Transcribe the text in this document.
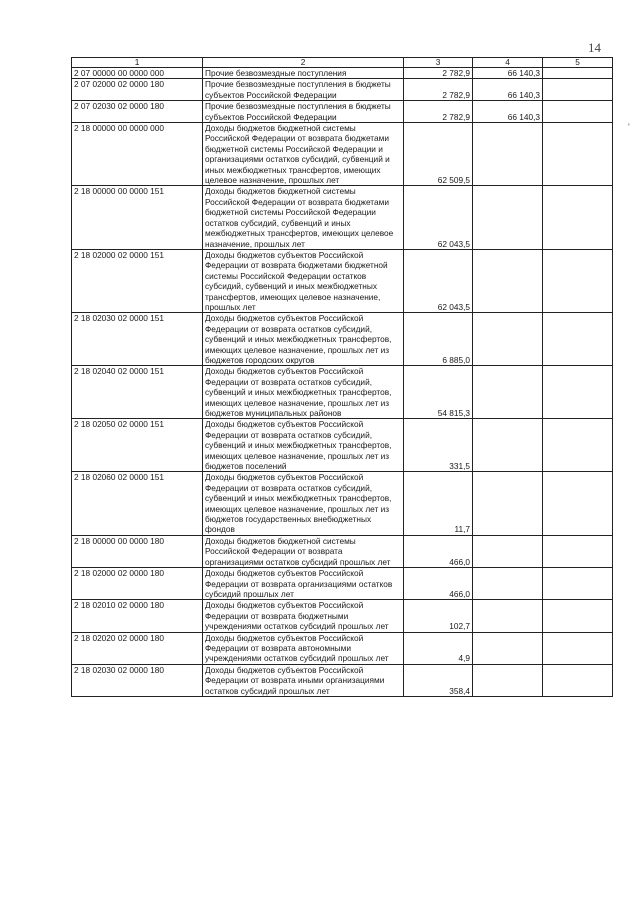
14
'
1	2	3	4	5
2 07 00000 00 0000 000	Прочие безвозмездные поступления	2 782,9	66 140,3	
2 07 02000 02 0000 180	Прочие безвозмездные поступления в бюджеты субъектов Российской Федерации	2 782,9	66 140,3	
2 07 02030 02 0000 180	Прочие безвозмездные поступления в бюджеты субъектов Российской Федерации	2 782,9	66 140,3	
2 18 00000 00 0000 000	Доходы бюджетов бюджетной системы Российской Федерации от возврата бюджетами бюджетной системы Российской Федерации и организациями остатков субсидий, субвенций и иных межбюджетных трансфертов, имеющих целевое назначение, прошлых лет	62 509,5		
2 18 00000 00 0000 151	Доходы бюджетов бюджетной системы Российской Федерации от возврата бюджетами бюджетной системы Российской Федерации остатков субсидий, субвенций и иных межбюджетных трансфертов, имеющих целевое назначение, прошлых лет	62 043,5		
2 18 02000 02 0000 151	Доходы бюджетов субъектов Российской Федерации от возврата бюджетами бюджетной системы Российской Федерации остатков субсидий, субвенций и иных межбюджетных трансфертов, имеющих целевое назначение, прошлых лет	62 043,5		
2 18 02030 02 0000 151	Доходы бюджетов субъектов Российской Федерации от возврата остатков субсидий, субвенций и иных межбюджетных трансфертов, имеющих целевое назначение, прошлых лет из бюджетов городских округов	6 885,0		
2 18 02040 02 0000 151	Доходы бюджетов субъектов Российской Федерации от возврата остатков субсидий, субвенций и иных межбюджетных трансфертов, имеющих целевое назначение, прошлых лет из бюджетов муниципальных районов	54 815,3		
2 18 02050 02 0000 151	Доходы бюджетов субъектов Российской Федерации от возврата остатков субсидий, субвенций и иных межбюджетных трансфертов, имеющих целевое назначение, прошлых лет из бюджетов поселений	331,5		
2 18 02060 02 0000 151	Доходы бюджетов субъектов Российской Федерации от возврата остатков субсидий, субвенций и иных межбюджетных трансфертов, имеющих целевое назначение, прошлых лет из бюджетов государственных внебюджетных фондов	11,7		
2 18 00000 00 0000 180	Доходы бюджетов бюджетной системы Российской Федерации от возврата организациями остатков субсидий прошлых лет	466,0		
2 18 02000 02 0000 180	Доходы бюджетов субъектов Российской Федерации от возврата организациями остатков субсидий прошлых лет	466,0		
2 18 02010 02 0000 180	Доходы бюджетов субъектов Российской Федерации от возврата бюджетными учреждениями остатков субсидий прошлых лет	102,7		
2 18 02020 02 0000 180	Доходы бюджетов субъектов Российской Федерации от возврата автономными учреждениями остатков субсидий прошлых лет	4,9		
2 18 02030 02 0000 180	Доходы бюджетов субъектов Российской Федерации от возврата иными организациями остатков субсидий прошлых лет	358,4		
